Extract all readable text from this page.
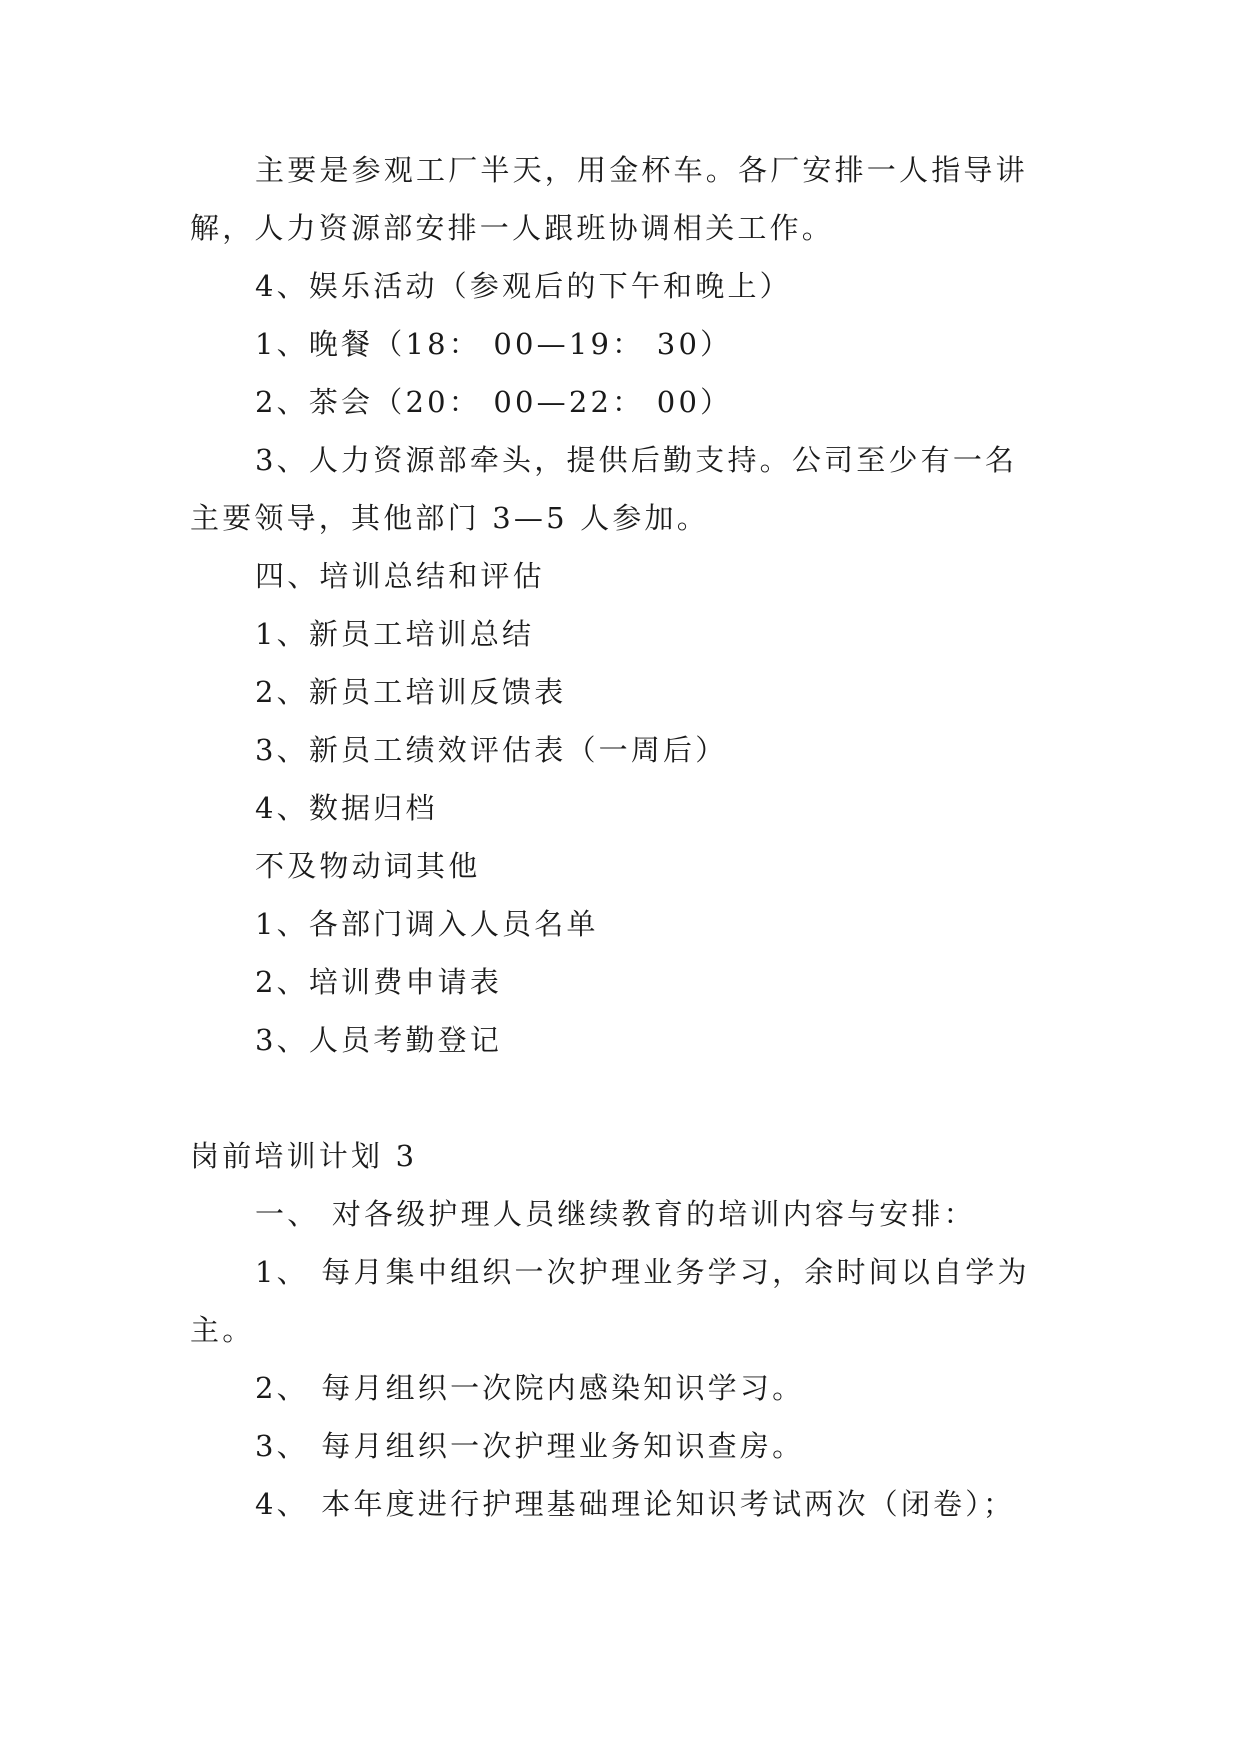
主要是参观工厂半天，用金杯车。各厂安排一人指导讲
解，人力资源部安排一人跟班协调相关工作。
4、娱乐活动（参观后的下午和晚上）
1、晚餐（18： 00—19： 30）
2、茶会（20： 00—22： 00）
3、人力资源部牵头，提供后勤支持。公司至少有一名
主要领导，其他部门 3—5 人参加。
四、培训总结和评估
1、新员工培训总结
2、新员工培训反馈表
3、新员工绩效评估表（一周后）
4、数据归档
不及物动词其他
1、各部门调入人员名单
2、培训费申请表
3、人员考勤登记
岗前培训计划 3
一、 对各级护理人员继续教育的培训内容与安排：
1、 每月集中组织一次护理业务学习，余时间以自学为
主。
2、 每月组织一次院内感染知识学习。
3、 每月组织一次护理业务知识查房。
4、 本年度进行护理基础理论知识考试两次（闭卷）；
